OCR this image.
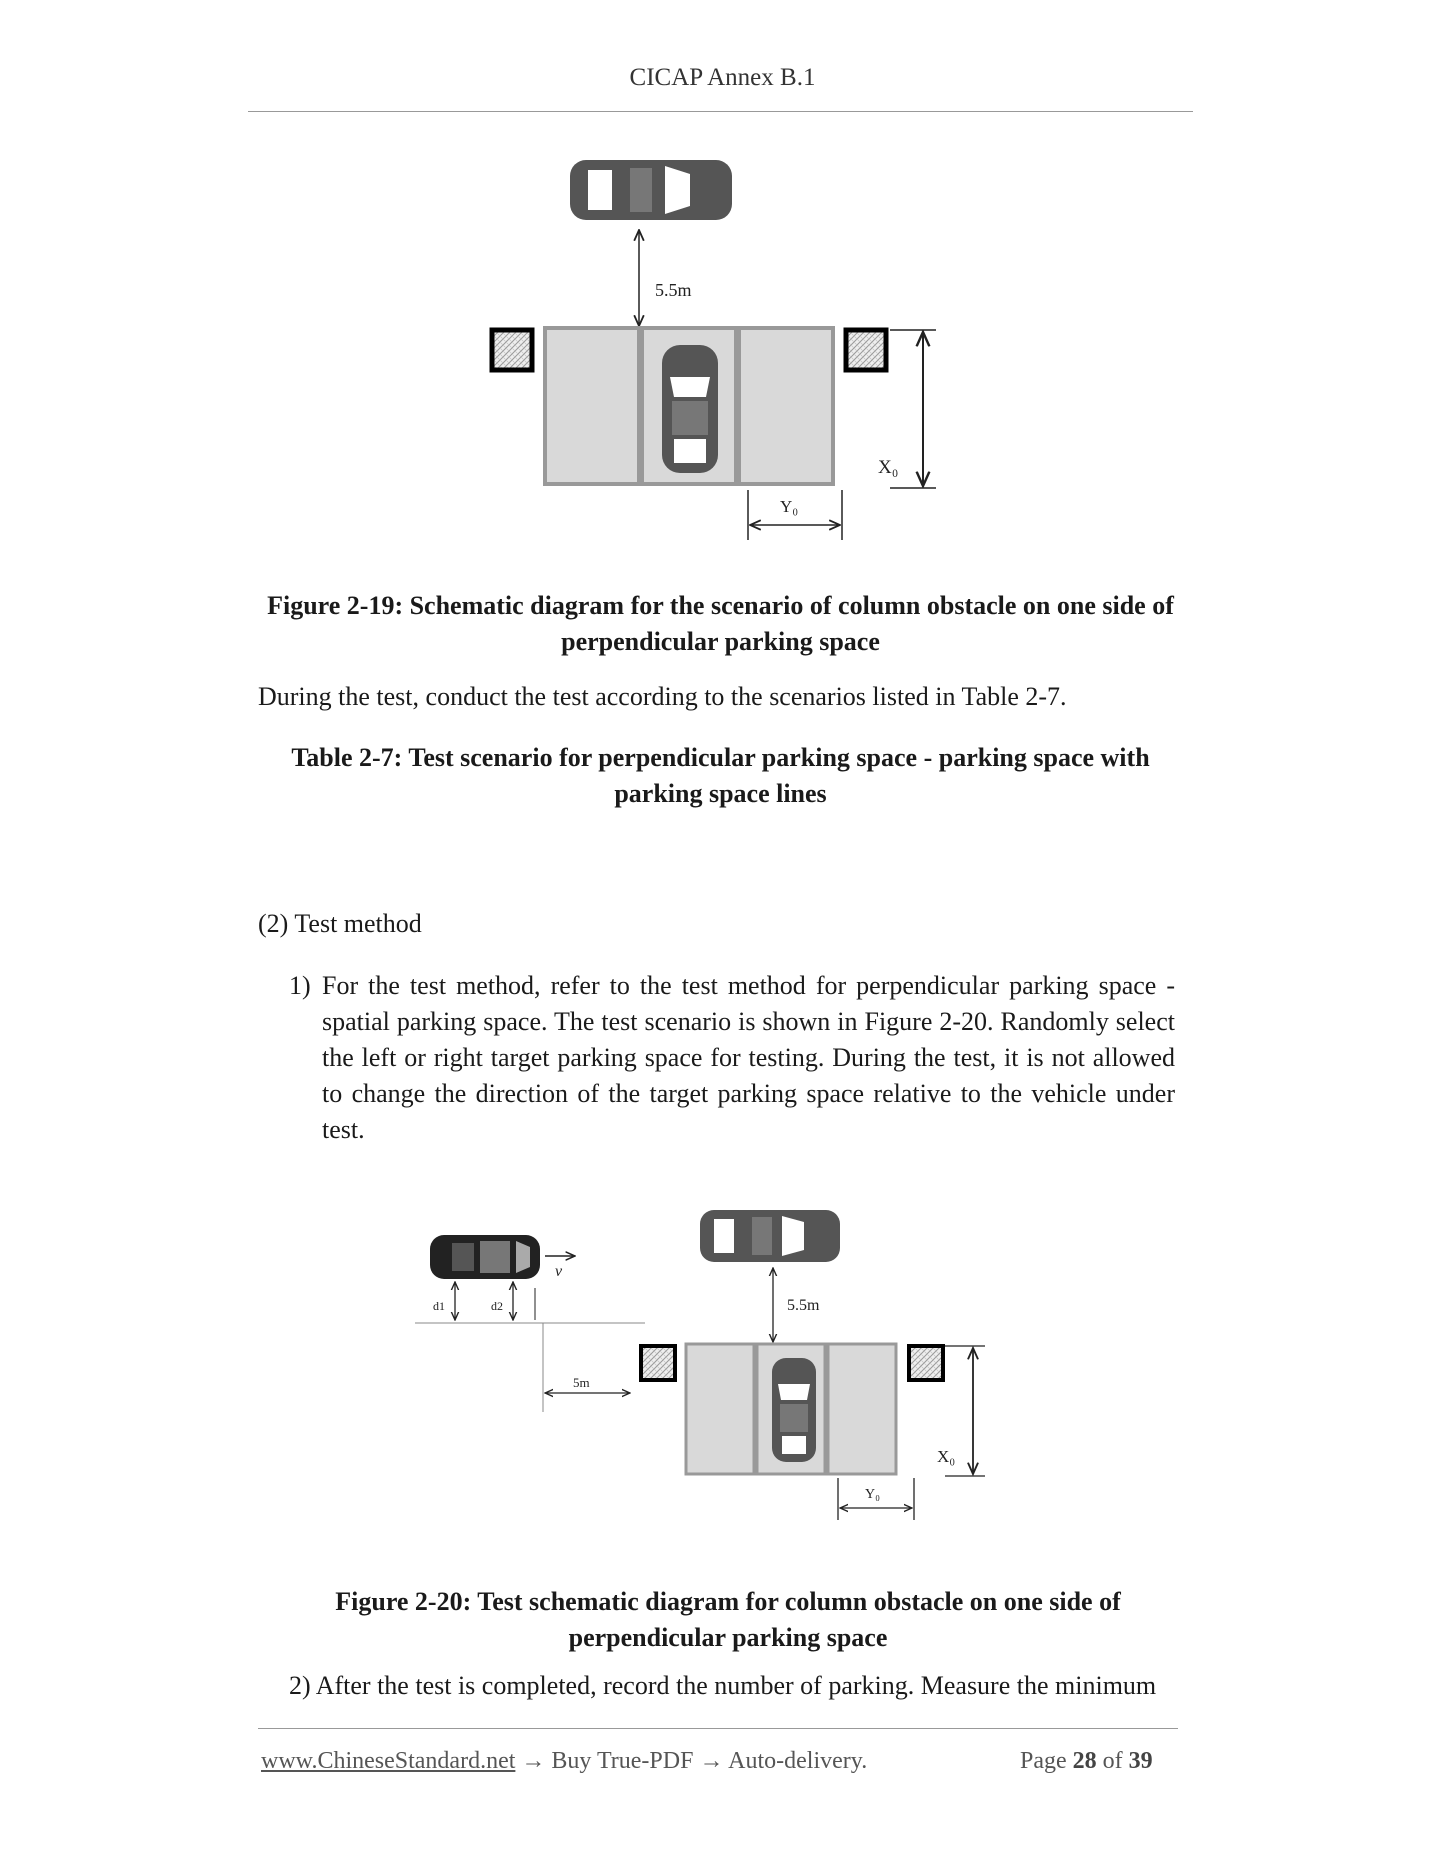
CICAP Annex B.1
5.5m
X₀
Y₀
Figure 2-19: Schematic diagram for the scenario of column obstacle on one side of perpendicular parking space
During the test, conduct the test according to the scenarios listed in Table 2-7.
Table 2-7: Test scenario for perpendicular parking space - parking space with parking space lines
(2) Test method
1) For the test method, refer to the test method for perpendicular parking space - spatial parking space. The test scenario is shown in Figure 2-20. Randomly select the left or right target parking space for testing. During the test, it is not allowed to change the direction of the target parking space relative to the vehicle under test.
v
d1	d2
5m
5.5m
X₀
Y₀
Figure 2-20: Test schematic diagram for column obstacle on one side of perpendicular parking space
2) After the test is completed, record the number of parking. Measure the minimum
www.ChineseStandard.net → Buy True-PDF → Auto-delivery.	Page 28 of 39
